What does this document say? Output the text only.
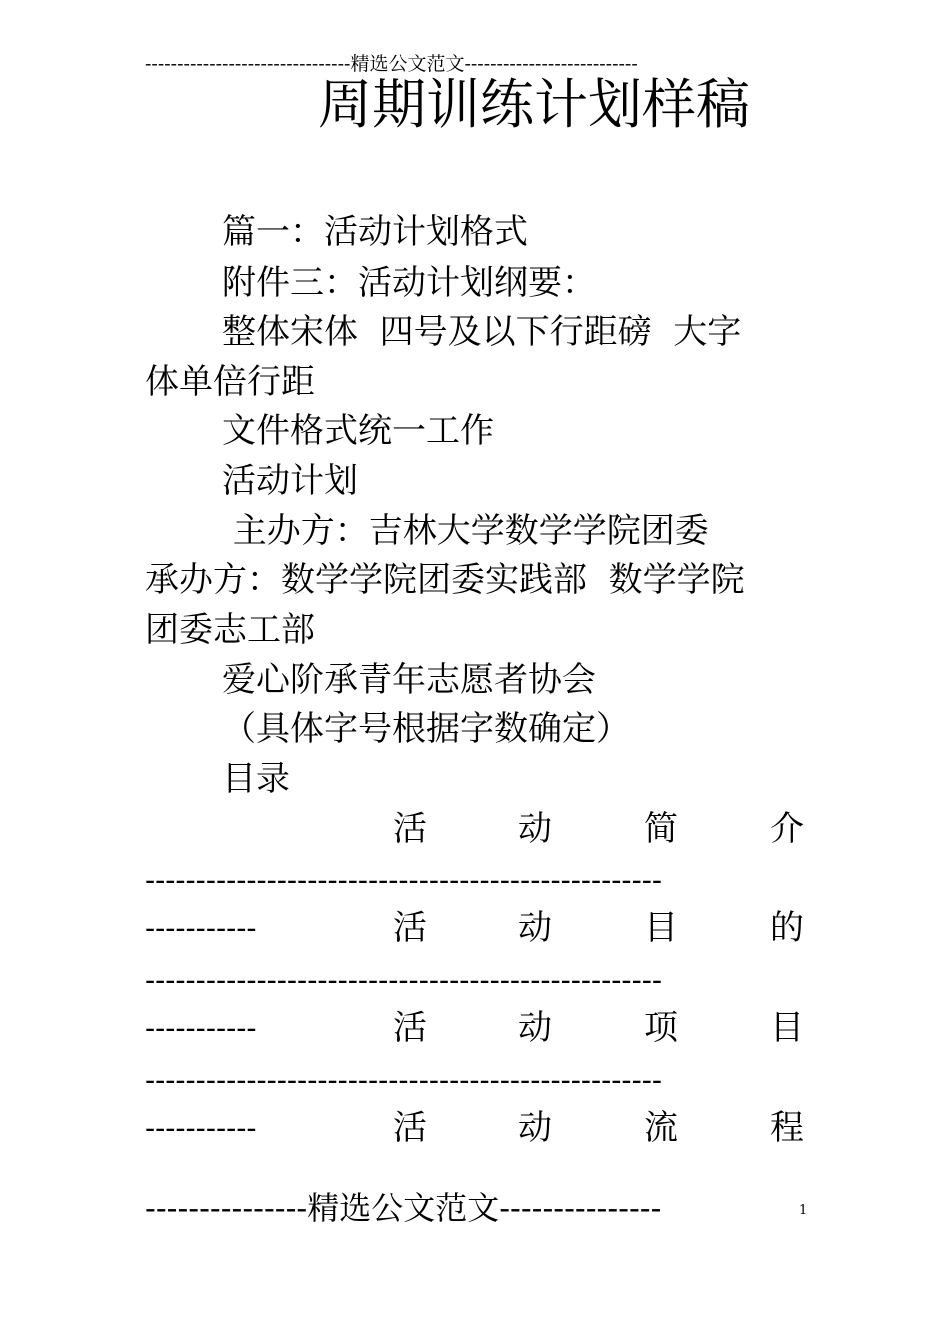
--------------------------------精选公文范文---------------------------
周期训练计划样稿
篇一：活动计划格式
附件三：活动计划纲要：
整体宋体  四号及以下行距磅  大字
体单倍行距
文件格式统一工作
活动计划
主办方：吉林大学数学学院团委
承办方：数学学院团委实践部  数学学院
团委志工部
爱心阶承青年志愿者协会
（具体字号根据字数确定）
目录
活	动	简	介
---------------------------------------------------
-----------	活	动	目	的
---------------------------------------------------
-----------	活	动	项	目
---------------------------------------------------
-----------	活	动	流	程
---------------精选公文范文---------------	1
